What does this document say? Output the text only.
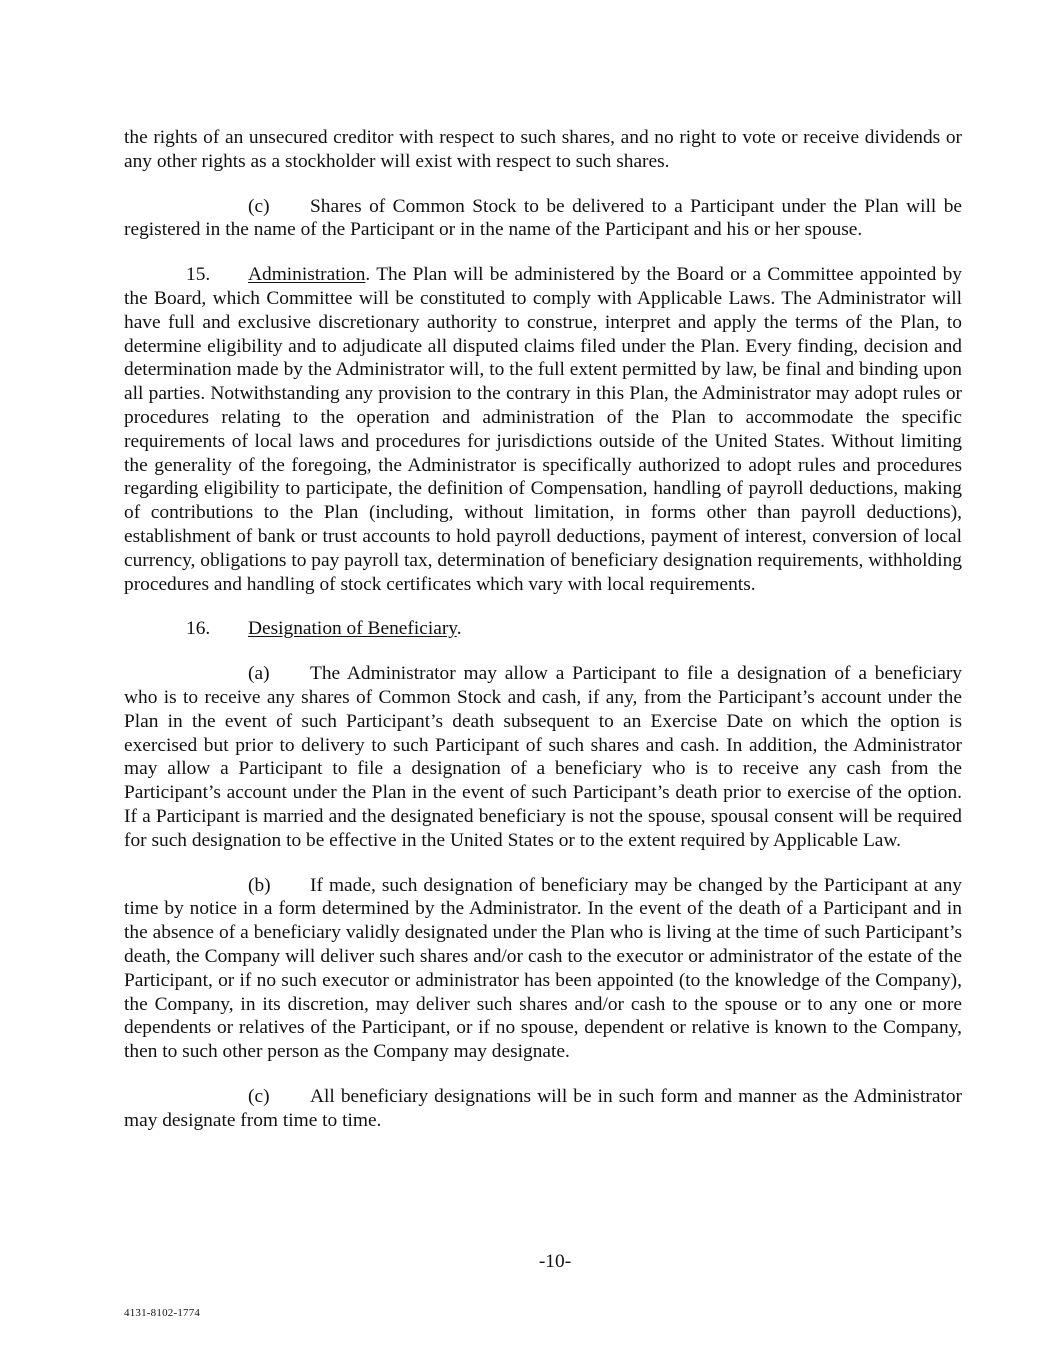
the rights of an unsecured creditor with respect to such shares, and no right to vote or receive dividends or any other rights as a stockholder will exist with respect to such shares.

(c) Shares of Common Stock to be delivered to a Participant under the Plan will be registered in the name of the Participant or in the name of the Participant and his or her spouse.

15. Administration. The Plan will be administered by the Board or a Committee appointed by the Board, which Committee will be constituted to comply with Applicable Laws. The Administrator will have full and exclusive discretionary authority to construe, interpret and apply the terms of the Plan, to determine eligibility and to adjudicate all disputed claims filed under the Plan. Every finding, decision and determination made by the Administrator will, to the full extent permitted by law, be final and binding upon all parties. Notwithstanding any provision to the contrary in this Plan, the Administrator may adopt rules or procedures relating to the operation and administration of the Plan to accommodate the specific requirements of local laws and procedures for jurisdictions outside of the United States. Without limiting the generality of the foregoing, the Administrator is specifically authorized to adopt rules and procedures regarding eligibility to participate, the definition of Compensation, handling of payroll deductions, making of contributions to the Plan (including, without limitation, in forms other than payroll deductions), establishment of bank or trust accounts to hold payroll deductions, payment of interest, conversion of local currency, obligations to pay payroll tax, determination of beneficiary designation requirements, withholding procedures and handling of stock certificates which vary with local requirements.

16. Designation of Beneficiary.

(a) The Administrator may allow a Participant to file a designation of a beneficiary who is to receive any shares of Common Stock and cash, if any, from the Participant’s account under the Plan in the event of such Participant’s death subsequent to an Exercise Date on which the option is exercised but prior to delivery to such Participant of such shares and cash. In addition, the Administrator may allow a Participant to file a designation of a beneficiary who is to receive any cash from the Participant’s account under the Plan in the event of such Participant’s death prior to exercise of the option. If a Participant is married and the designated beneficiary is not the spouse, spousal consent will be required for such designation to be effective in the United States or to the extent required by Applicable Law.

(b) If made, such designation of beneficiary may be changed by the Participant at any time by notice in a form determined by the Administrator. In the event of the death of a Participant and in the absence of a beneficiary validly designated under the Plan who is living at the time of such Participant’s death, the Company will deliver such shares and/or cash to the executor or administrator of the estate of the Participant, or if no such executor or administrator has been appointed (to the knowledge of the Company), the Company, in its discretion, may deliver such shares and/or cash to the spouse or to any one or more dependents or relatives of the Participant, or if no spouse, dependent or relative is known to the Company, then to such other person as the Company may designate.

(c) All beneficiary designations will be in such form and manner as the Administrator may designate from time to time.

-10-
4131-8102-1774
